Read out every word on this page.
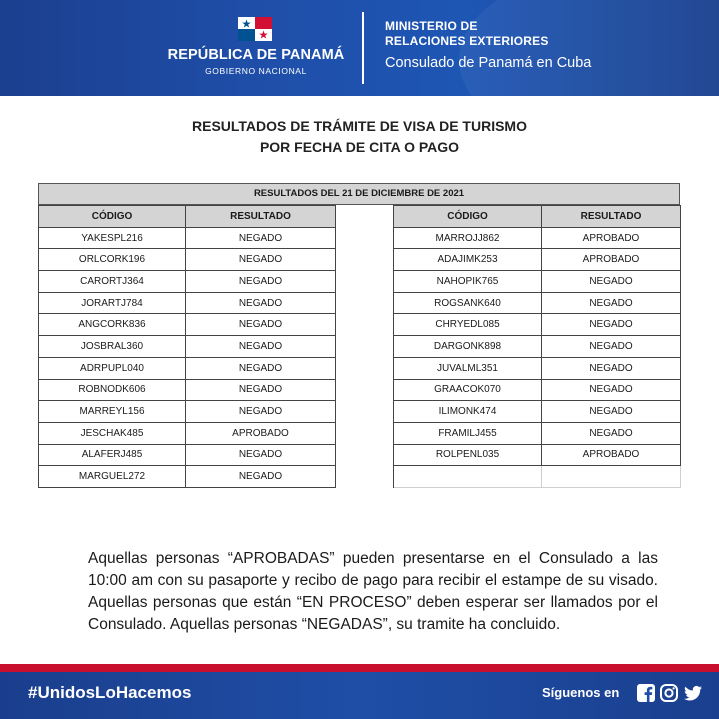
REPÚBLICA DE PANAMÁ
GOBIERNO NACIONAL
MINISTERIO DE
RELACIONES EXTERIORES
Consulado de Panamá en Cuba
RESULTADOS DE TRÁMITE DE VISA DE TURISMO
POR FECHA DE CITA O PAGO
RESULTADOS DEL 21 DE DICIEMBRE DE 2021
CÓDIGO	RESULTADO		CÓDIGO	RESULTADO
YAKESPL216	NEGADO		MARROJJ862	APROBADO
ORLCORK196	NEGADO		ADAJIMK253	APROBADO
CARORTJ364	NEGADO		NAHOPIK765	NEGADO
JORARTJ784	NEGADO		ROGSANK640	NEGADO
ANGCORK836	NEGADO		CHRYEDL085	NEGADO
JOSBRAL360	NEGADO		DARGONK898	NEGADO
ADRPUPL040	NEGADO		JUVALML351	NEGADO
ROBNODK606	NEGADO		GRAACOK070	NEGADO
MARREYL156	NEGADO		ILIMONK474	NEGADO
JESCHAK485	APROBADO		FRAMILJ455	NEGADO
ALAFERJ485	NEGADO		ROLPENL035	APROBADO
MARGUEL272	NEGADO			
Aquellas personas “APROBADAS” pueden presentarse en el Consulado a las 10:00 am con su pasaporte y recibo de pago para recibir el estampe de su visado. Aquellas personas que están “EN PROCESO” deben esperar ser llamados por el Consulado. Aquellas personas “NEGADAS”, su tramite ha concluido.
#UnidosLoHacemos	Síguenos en
